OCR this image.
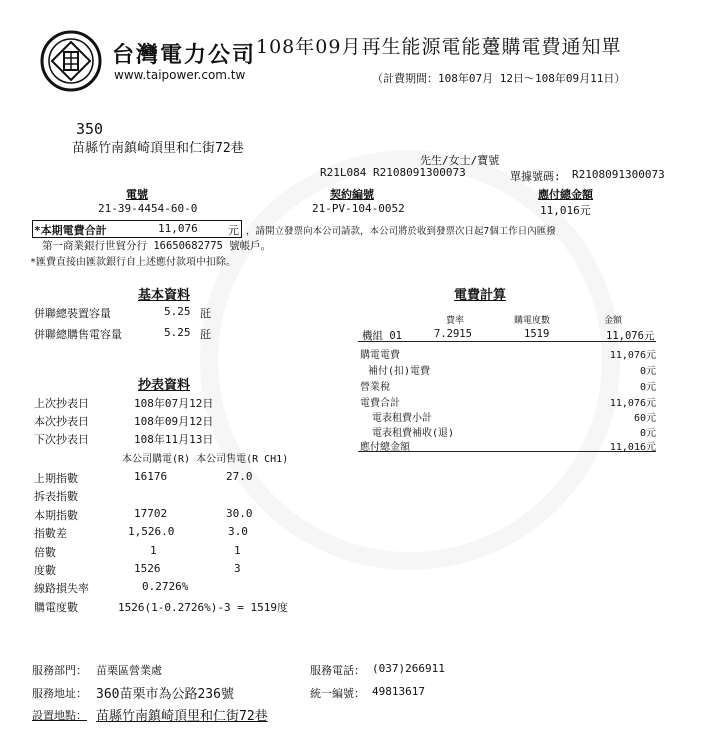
台灣電力公司
www.taipower.com.tw
108年09月再生能源電能躉購電費通知單
（計費期間：108年07月 12日～108年09月11日）
350
苗縣竹南鎮崎頂里和仁街72巷
先生/女士/寶號
R21L084 R2108091300073	單據號碼: R2108091300073
電號
21-39-4454-60-0
契約編號
21-PV-104-0052
應付總金額
11,016元
*本期電費合計	11,076	元 ，請開立發票向本公司請款，本公司將於收到發票次日起7個工作日內匯撥
第一商業銀行世貿分行 16650682775 號帳戶。
*匯費直接由匯款銀行自上述應付款項中扣除。
基本資料
併聯總裝置容量	5.25 瓩
併聯總購售電容量	5.25 瓩
抄表資料
上次抄表日	108年07月12日
本次抄表日	108年09月12日
下次抄表日	108年11月13日
本公司購電(R) 本公司售電(R CH1)
上期指數	16176	27.0
拆表指數
本期指數	17702	30.0
指數差	1,526.0	3.0
倍數	1	1
度數	1526	3
線路損失率	0.2726%
購電度數	1526(1-0.2726%)-3 = 1519度
電費計算
費率	購電度數	金額
機組 01	7.2915	1519	11,076元
購電電費	11,076元
補付(扣)電費	0元
營業稅	0元
電費合計	11,076元
電表租費小計	60元
電表租費補收(退)	0元
應付總金額	11,016元
服務部門： 苗栗區營業處	服務電話： (037)266911
服務地址： 360苗栗市為公路236號	統一編號： 49813617
設置地點： 苗縣竹南鎮崎頂里和仁街72巷
